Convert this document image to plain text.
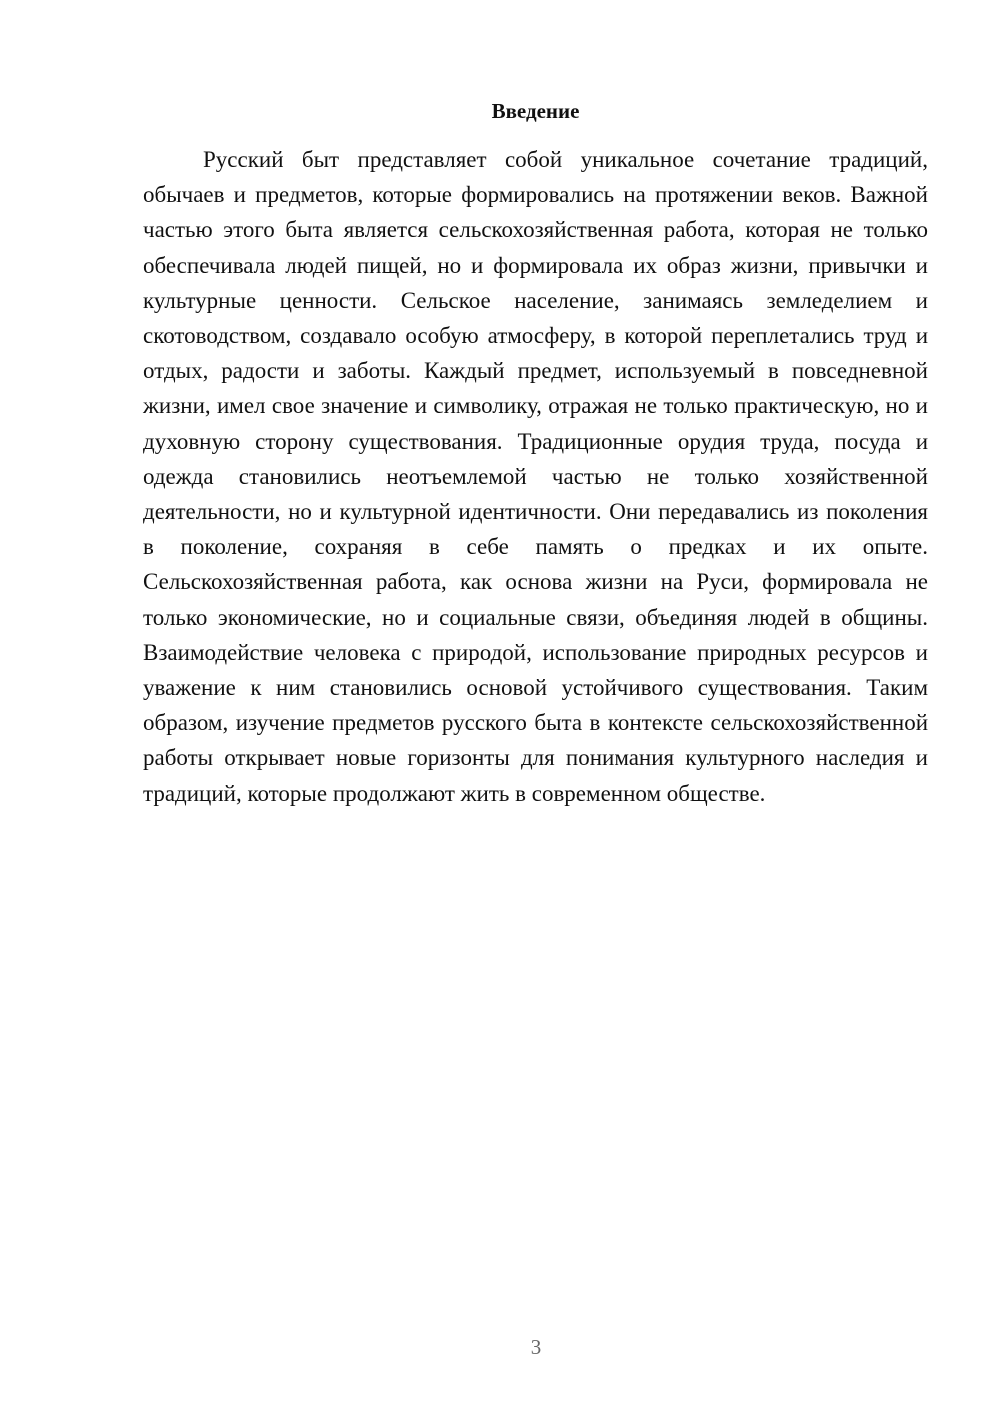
Введение

Русский быт представляет собой уникальное сочетание традиций, обычаев и предметов, которые формировались на протяжении веков. Важной частью этого быта является сельскохозяйственная работа, которая не только обеспечивала людей пищей, но и формировала их образ жизни, привычки и культурные ценности. Сельское население, занимаясь земледелием и скотоводством, создавало особую атмосферу, в которой переплетались труд и отдых, радости и заботы. Каждый предмет, используемый в повседневной жизни, имел свое значение и символику, отражая не только практическую, но и духовную сторону существования. Традиционные орудия труда, посуда и одежда становились неотъемлемой частью не только хозяйственной деятельности, но и культурной идентичности. Они передавались из поколения в поколение, сохраняя в себе память о предках и их опыте. Сельскохозяйственная работа, как основа жизни на Руси, формировала не только экономические, но и социальные связи, объединяя людей в общины. Взаимодействие человека с природой, использование природных ресурсов и уважение к ним становились основой устойчивого существования. Таким образом, изучение предметов русского быта в контексте сельскохозяйственной работы открывает новые горизонты для понимания культурного наследия и традиций, которые продолжают жить в современном обществе.

3
